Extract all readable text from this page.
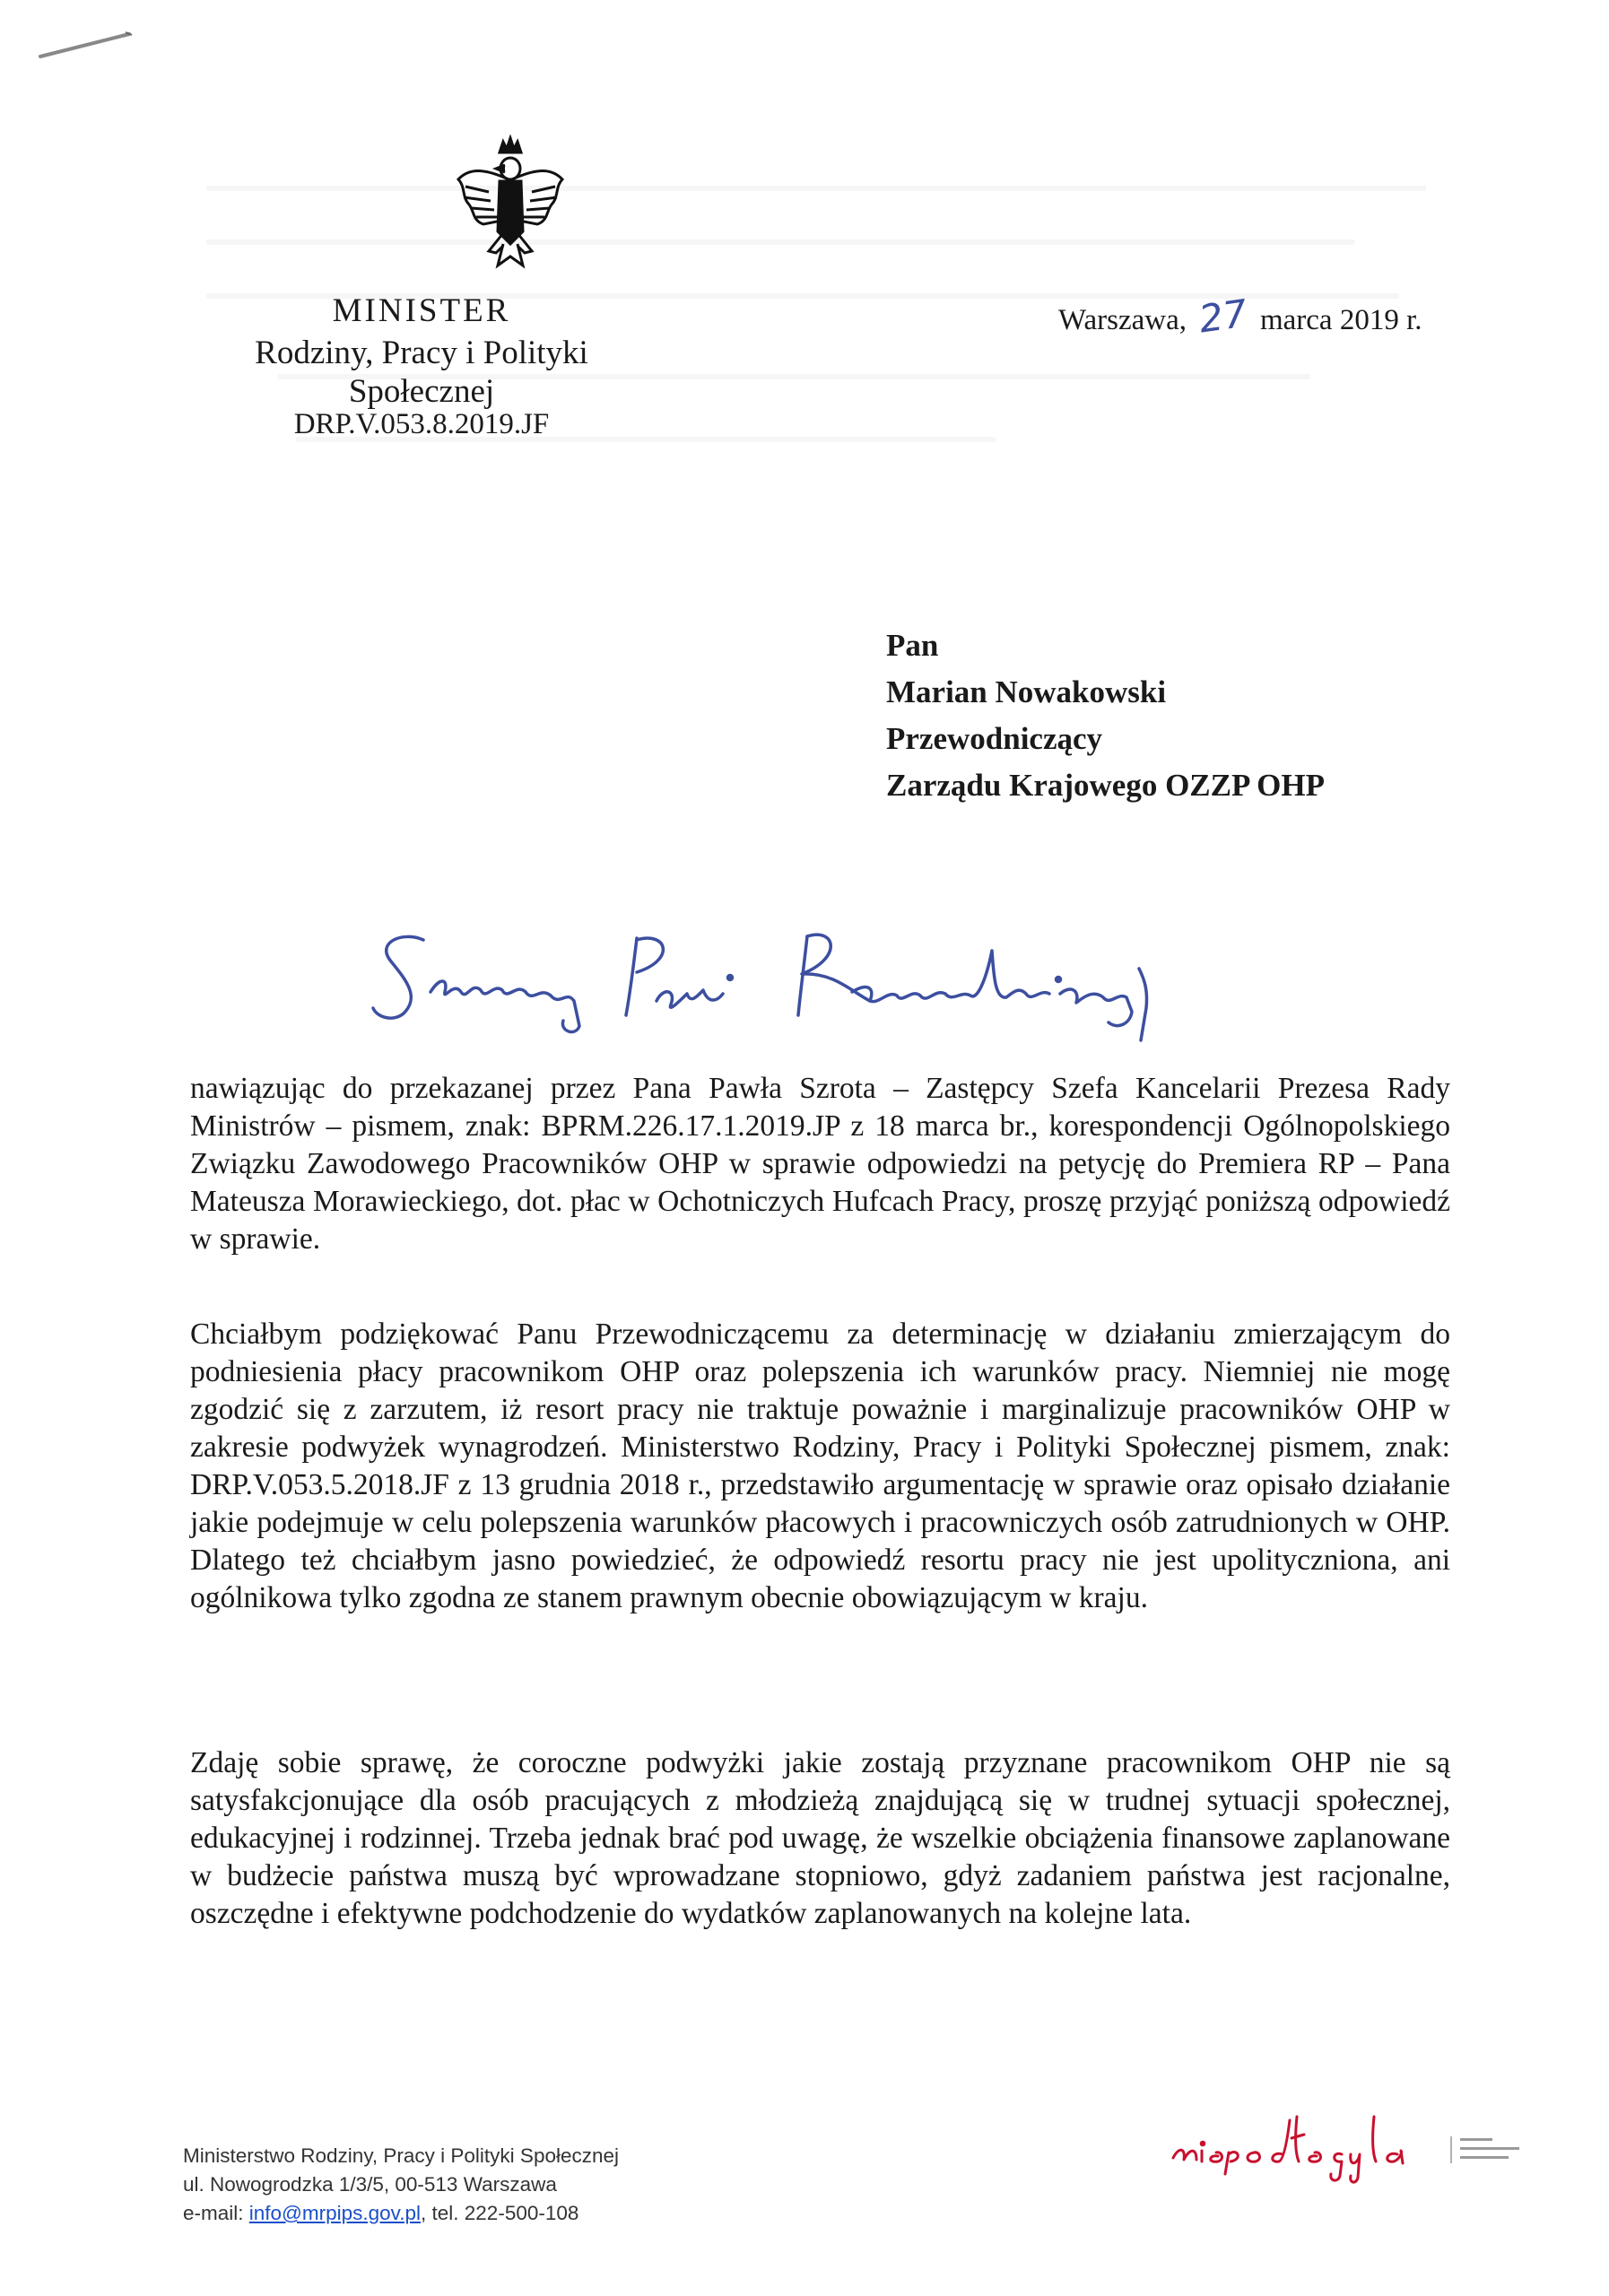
MINISTER
Rodziny, Pracy i Polityki Społecznej
DRP.V.053.8.2019.JF
Warszawa, 27 marca 2019 r.
Pan
Marian Nowakowski
Przewodniczący
Zarządu Krajowego OZZP OHP
nawiązując do przekazanej przez Pana Pawła Szrota – Zastępcy Szefa Kancelarii Prezesa Rady Ministrów – pismem, znak: BPRM.226.17.1.2019.JP z 18 marca br., korespondencji Ogólnopolskiego Związku Zawodowego Pracowników OHP w sprawie odpowiedzi na petycję do Premiera RP – Pana Mateusza Morawieckiego, dot. płac w Ochotniczych Hufcach Pracy, proszę przyjąć poniższą odpowiedź w sprawie.
Chciałbym podziękować Panu Przewodniczącemu za determinację w działaniu zmierzającym do podniesienia płacy pracownikom OHP oraz polepszenia ich warunków pracy. Niemniej nie mogę zgodzić się z zarzutem, iż resort pracy nie traktuje poważnie i marginalizuje pracowników OHP w zakresie podwyżek wynagrodzeń. Ministerstwo Rodziny, Pracy i Polityki Społecznej pismem, znak: DRP.V.053.5.2018.JF z 13 grudnia 2018 r., przedstawiło argumentację w sprawie oraz opisało działanie jakie podejmuje w celu polepszenia warunków płacowych i pracowniczych osób zatrudnionych w OHP. Dlatego też chciałbym jasno powiedzieć, że odpowiedź resortu pracy nie jest upolityczniona, ani ogólnikowa tylko zgodna ze stanem prawnym obecnie obowiązującym w kraju.
Zdaję sobie sprawę, że coroczne podwyżki jakie zostają przyznane pracownikom OHP nie są satysfakcjonujące dla osób pracujących z młodzieżą znajdującą się w trudnej sytuacji społecznej, edukacyjnej i rodzinnej. Trzeba jednak brać pod uwagę, że wszelkie obciążenia finansowe zaplanowane w budżecie państwa muszą być wprowadzane stopniowo, gdyż zadaniem państwa jest racjonalne, oszczędne i efektywne podchodzenie do wydatków zaplanowanych na kolejne lata.
Ministerstwo Rodziny, Pracy i Polityki Społecznej
ul. Nowogrodzka 1/3/5, 00-513 Warszawa
e-mail: info@mrpips.gov.pl, tel. 222-500-108
